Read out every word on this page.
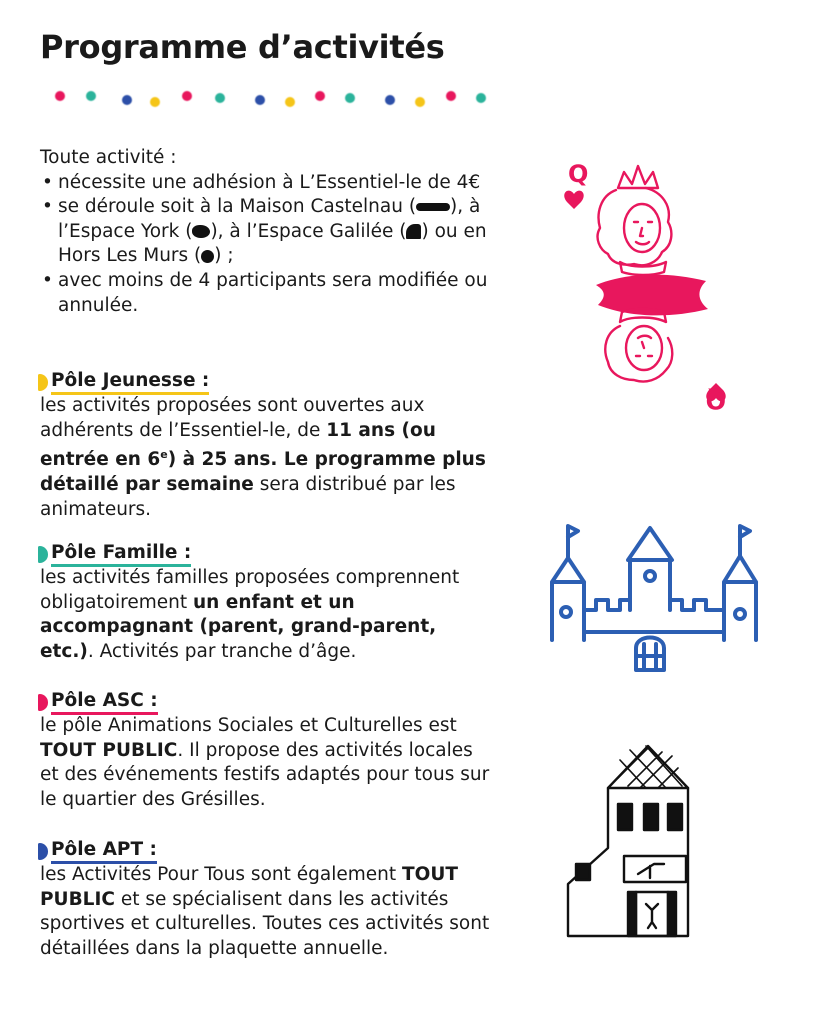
Programme d’activités
Toute activité :
• nécessite une adhésion à L’Essentiel-le de 4€
• se déroule soit à la Maison Castelnau ( ), à l’Espace York ( ), à l’Espace Galilée ( ) ou en Hors Les Murs ( ) ;
• avec moins de 4 participants sera modifiée ou annulée.
Pôle Jeunesse :

les activités proposées sont ouvertes aux adhérents de l’Essentiel-le, de 11 ans (ou entrée en 6e) à 25 ans. Le programme plus détaillé par semaine sera distribué par les animateurs.

Pôle Famille :

les activités familles proposées comprennent obligatoirement un enfant et un accompagnant (parent, grand-parent, etc.). Activités par tranche d’âge.

Pôle ASC :

le pôle Animations Sociales et Culturelles est TOUT PUBLIC. Il propose des activités locales et des événements festifs adaptés pour tous sur le quartier des Grésilles.

Pôle APT :

les Activités Pour Tous sont également TOUT PUBLIC et se spécialisent dans les activités sportives et culturelles. Toutes ces activités sont détaillées dans la plaquette annuelle.

Q
Q
